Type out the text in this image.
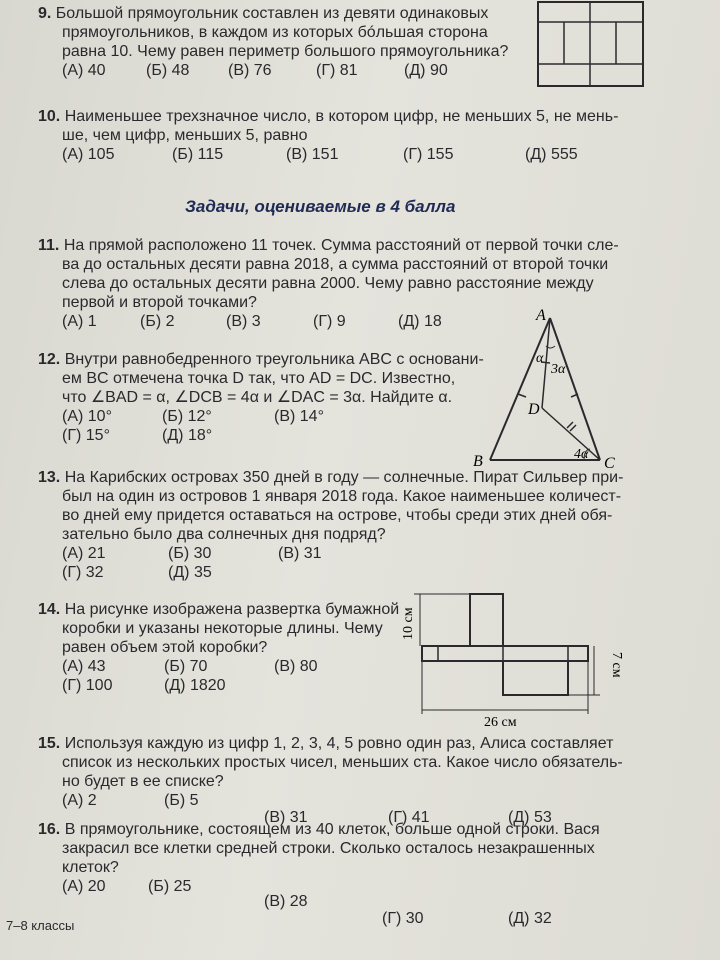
9. Большой прямоугольник составлен из девяти одинаковых
прямоугольников, в каждом из которых бóльшая сторона
равна 10. Чему равен периметр большого прямоугольника?
(А) 40	(Б) 48 (В) 76	(Г) 81	(Д) 90
10. Наименьшее трехзначное число, в котором цифр, не меньших 5, не мень-
ше, чем цифр, меньших 5, равно
(А) 105	(Б) 115	(В) 151	(Г) 155	(Д) 555
Задачи, оцениваемые в 4 балла
11. На прямой расположено 11 точек. Сумма расстояний от первой точки сле-
ва до остальных десяти равна 2018, а сумма расстояний от второй точки
слева до остальных десяти равна 2000. Чему равно расстояние между
первой и второй точками?
(А) 1	(Б) 2	(В) 3	(Г) 9	(Д) 18
12. Внутри равнобедренного треугольника ABC с основани-
ем BC отмечена точка D так, что AD = DC. Известно,
что ∠BAD = α, ∠DCB = 4α и ∠DAC = 3α. Найдите α.
(А) 10°	(Б) 12°	(В) 14°
(Г) 15°	(Д) 18°
A
B	C
D
α
3α
4α
13. На Карибских островах 350 дней в году — солнечные. Пират Сильвер при-
был на один из островов 1 января 2018 года. Какое наименьшее количест-
во дней ему придется оставаться на острове, чтобы среди этих дней обя-
зательно было два солнечных дня подряд?
(А) 21	(Б) 30	(В) 31
(Г) 32	(Д) 35
14. На рисунке изображена развертка бумажной
коробки и указаны некоторые длины. Чему
равен объем этой коробки?
(А) 43	(Б) 70	(В) 80
(Г) 100	(Д) 1820
10 см
26 см
7 см
15. Используя каждую из цифр 1, 2, 3, 4, 5 ровно один раз, Алиса составляет
список из нескольких простых чисел, меньших ста. Какое число обязатель-
но будет в ее списке?
(А) 2	(Б) 5
(В) 31	(Г) 41	(Д) 53
16. В прямоугольнике, состоящем из 40 клеток, больше одной строки. Вася
закрасил все клетки средней строки. Сколько осталось незакрашенных
клеток?
(А) 20	(Б) 25
(В) 28
(Г) 30	(Д) 32
7–8 классы
